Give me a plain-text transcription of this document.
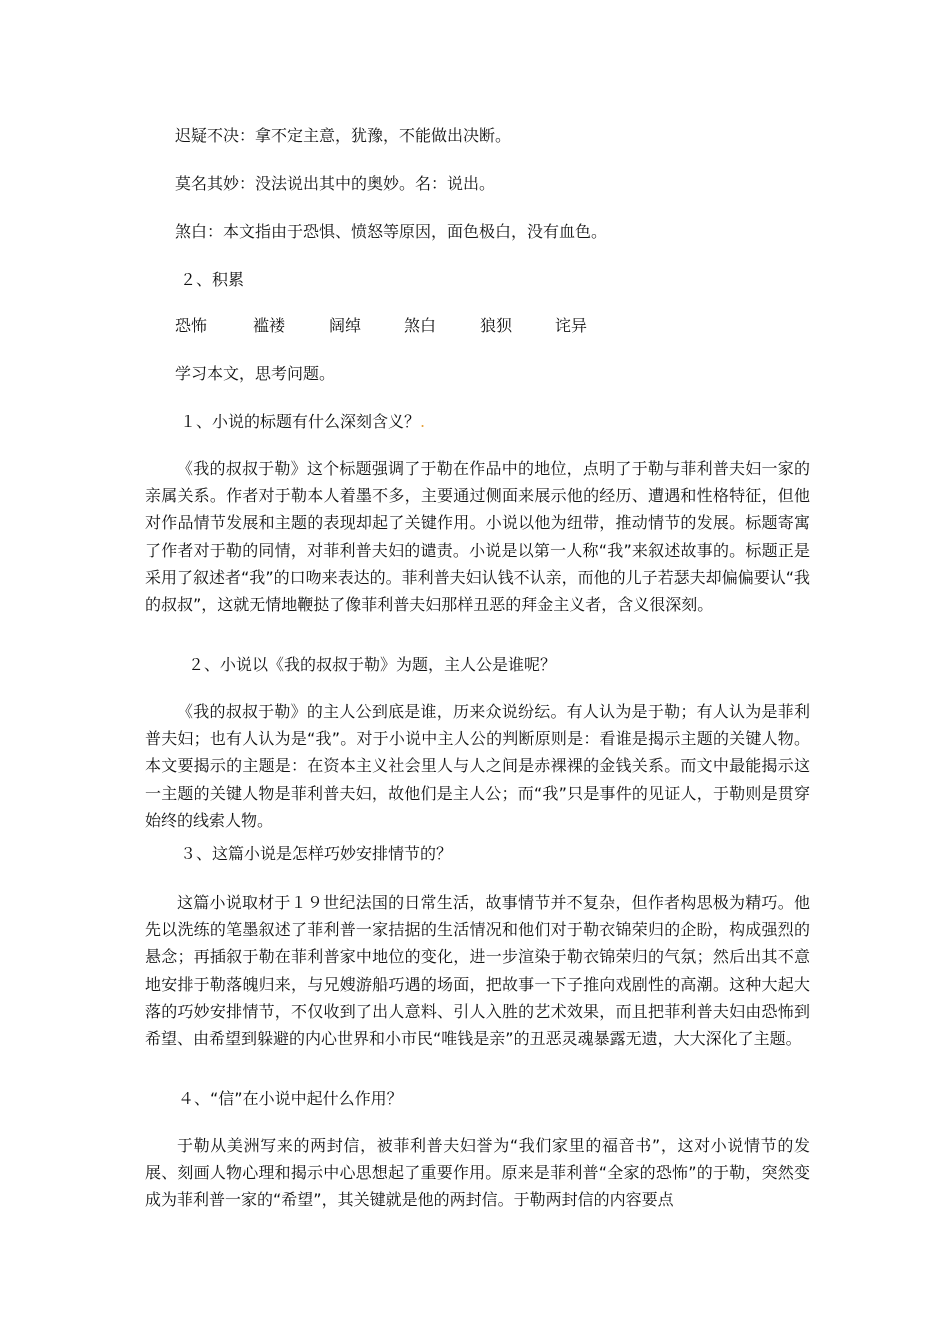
迟疑不决：拿不定主意，犹豫，不能做出决断。
莫名其妙：没法说出其中的奥妙。名：说出。
煞白：本文指由于恐惧、愤怒等原因，面色极白，没有血色。
２、积累
恐怖	褴褛	阔绰	煞白	狼狈	诧异
学习本文，思考问题。
１、小说的标题有什么深刻含义？.
《我的叔叔于勒》这个标题强调了于勒在作品中的地位，点明了于勒与菲利普夫妇一家的亲属关系。作者对于勒本人着墨不多，主要通过侧面来展示他的经历、遭遇和性格特征，但他对作品情节发展和主题的表现却起了关键作用。小说以他为纽带，推动情节的发展。标题寄寓了作者对于勒的同情，对菲利普夫妇的谴责。小说是以第一人称“我”来叙述故事的。标题正是采用了叙述者“我”的口吻来表达的。菲利普夫妇认钱不认亲，而他的儿子若瑟夫却偏偏要认“我的叔叔”，这就无情地鞭挞了像菲利普夫妇那样丑恶的拜金主义者，含义很深刻。
２、小说以《我的叔叔于勒》为题，主人公是谁呢？
《我的叔叔于勒》的主人公到底是谁，历来众说纷纭。有人认为是于勒；有人认为是菲利普夫妇；也有人认为是“我”。对于小说中主人公的判断原则是：看谁是揭示主题的关键人物。本文要揭示的主题是：在资本主义社会里人与人之间是赤裸裸的金钱关系。而文中最能揭示这一主题的关键人物是菲利普夫妇，故他们是主人公；而“我”只是事件的见证人，于勒则是贯穿始终的线索人物。
３、这篇小说是怎样巧妙安排情节的？
这篇小说取材于１９世纪法国的日常生活，故事情节并不复杂，但作者构思极为精巧。他先以洗练的笔墨叙述了菲利普一家拮据的生活情况和他们对于勒衣锦荣归的企盼，构成强烈的悬念；再插叙于勒在菲利普家中地位的变化，进一步渲染于勒衣锦荣归的气氛；然后出其不意地安排于勒落魄归来，与兄嫂游船巧遇的场面，把故事一下子推向戏剧性的高潮。这种大起大落的巧妙安排情节，不仅收到了出人意料、引人入胜的艺术效果，而且把菲利普夫妇由恐怖到希望、由希望到躲避的内心世界和小市民“唯钱是亲”的丑恶灵魂暴露无遗，大大深化了主题。
４、“信”在小说中起什么作用？
于勒从美洲写来的两封信，被菲利普夫妇誉为“我们家里的福音书”，这对小说情节的发展、刻画人物心理和揭示中心思想起了重要作用。原来是菲利普“全家的恐怖”的于勒，突然变成为菲利普一家的“希望”，其关键就是他的两封信。于勒两封信的内容要点
